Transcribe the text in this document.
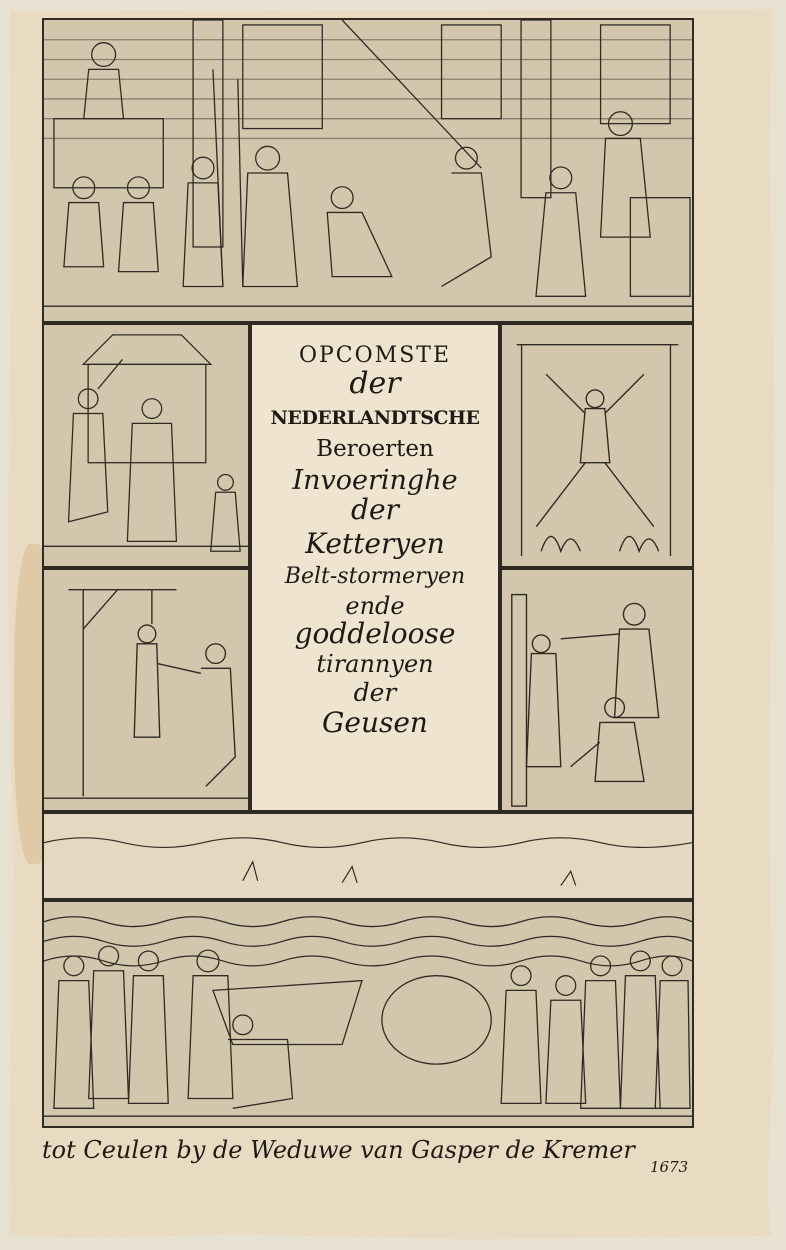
OPCOMSTE
der
NEDERLANDTSCHE
Beroerten
Invoeringhe
der
Ketteryen
Belt-stormeryen
ende
goddeloose
tirannyen
der
Geusen
tot Ceulen by de Weduwe van Gasper de Kremer
1673
